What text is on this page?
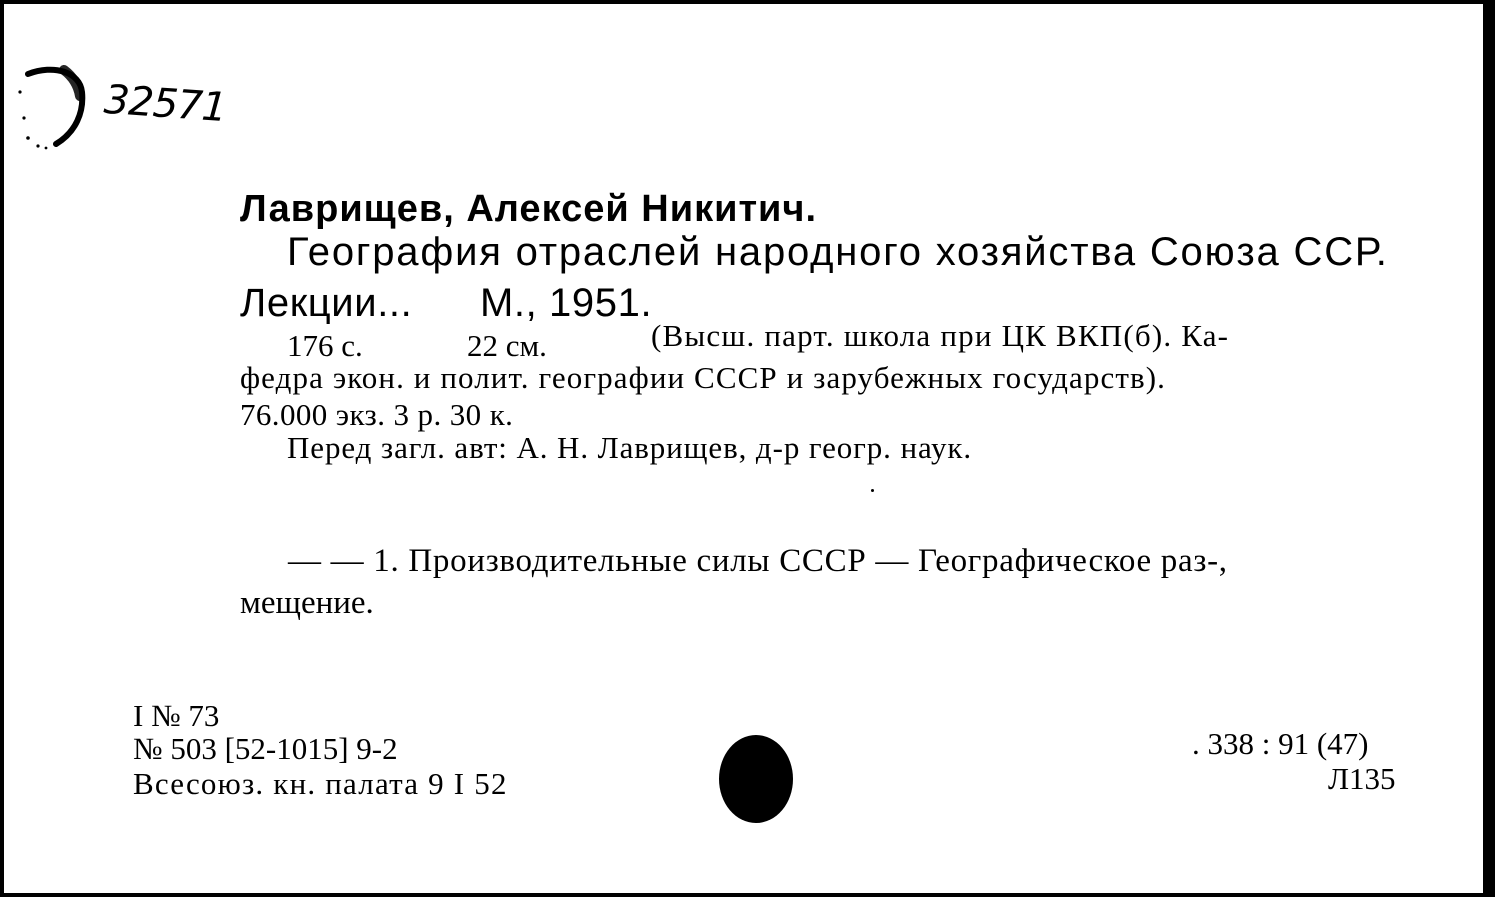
32571
Лаврищев, Алексей Никитич.
География отраслей народного хозяйства Союза ССР.
Лекции... М., 1951.
176 с.	22 см.	(Высш. парт. школа при ЦК ВКП(б). Ка-
федра экон. и полит. географии СССР и зарубежных государств).
76.000 экз. 3 р. 30 к.
Перед загл. авт: А. Н. Лаврищев, д-р геогр. наук.
— — 1. Производительные силы СССР — Географическое раз-,
мещение.
I № 73
№ 503 [52-1015] 9-2
Всесоюз. кн. палата 9 I 52
. 338 : 91 (47)
Л135
